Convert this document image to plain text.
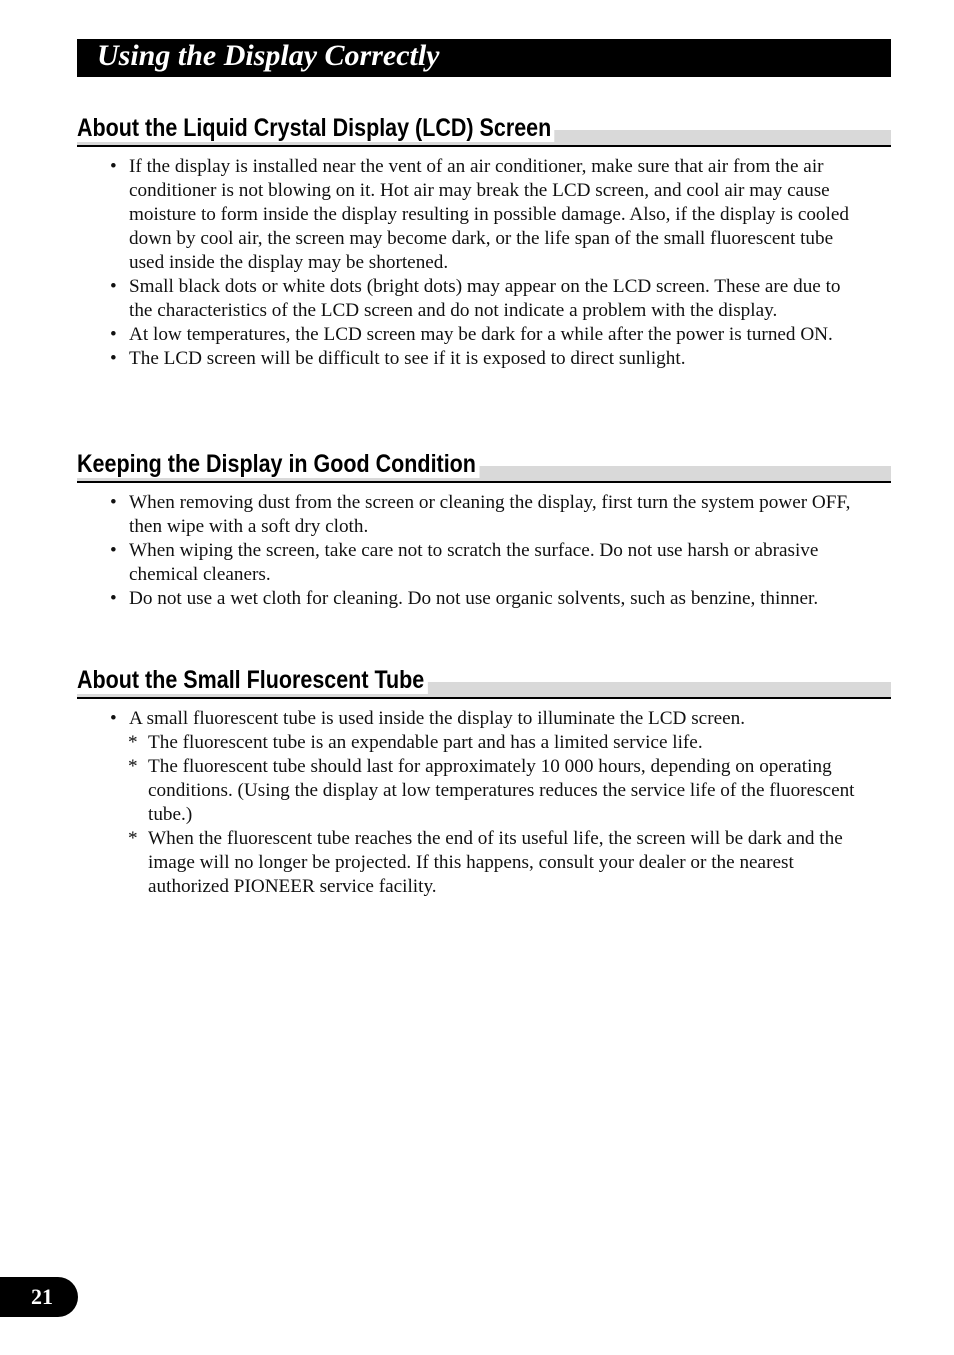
Using the Display Correctly
About the Liquid Crystal Display (LCD) Screen
• If the display is installed near the vent of an air conditioner, make sure that air from the air conditioner is not blowing on it. Hot air may break the LCD screen, and cool air may cause moisture to form inside the display resulting in possible damage. Also, if the display is cooled down by cool air, the screen may become dark, or the life span of the small fluorescent tube used inside the display may be shortened.
• Small black dots or white dots (bright dots) may appear on the LCD screen. These are due to the characteristics of the LCD screen and do not indicate a problem with the display.
• At low temperatures, the LCD screen may be dark for a while after the power is turned ON.
• The LCD screen will be difficult to see if it is exposed to direct sunlight.
Keeping the Display in Good Condition
• When removing dust from the screen or cleaning the display, first turn the system power OFF, then wipe with a soft dry cloth.
• When wiping the screen, take care not to scratch the surface. Do not use harsh or abrasive chemical cleaners.
• Do not use a wet cloth for cleaning. Do not use organic solvents, such as benzine, thinner.
About the Small Fluorescent Tube
• A small fluorescent tube is used inside the display to illuminate the LCD screen.
* The fluorescent tube is an expendable part and has a limited service life.
* The fluorescent tube should last for approximately 10 000 hours, depending on operating conditions. (Using the display at low temperatures reduces the service life of the fluorescent tube.)
* When the fluorescent tube reaches the end of its useful life, the screen will be dark and the image will no longer be projected. If this happens, consult your dealer or the nearest authorized PIONEER service facility.
21
